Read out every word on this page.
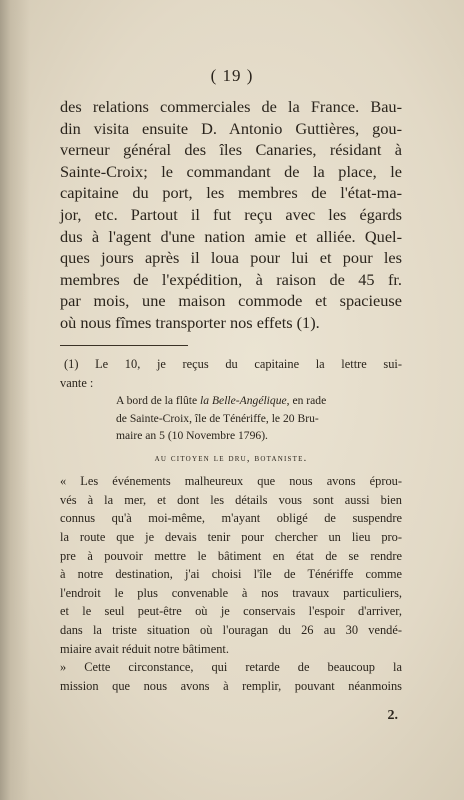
( 19 )
des relations commerciales de la France. Bau-
din visita ensuite D. Antonio Guttières, gou-
verneur général des îles Canaries, résidant à
Sainte-Croix; le commandant de la place, le
capitaine du port, les membres de l'état-ma-
jor, etc. Partout il fut reçu avec les égards
dus à l'agent d'une nation amie et alliée. Quel-
ques jours après il loua pour lui et pour les
membres de l'expédition, à raison de 45 fr.
par mois, une maison commode et spacieuse
où nous fîmes transporter nos effets (1).
(1) Le 10, je reçus du capitaine la lettre sui-
vante :
A bord de la flûte la Belle-Angélique, en rade
de Sainte-Croix, île de Ténériffe, le 20 Bru-
maire an 5 (10 Novembre 1796).
au citoyen le dru, botaniste.
« Les événements malheureux que nous avons éprou-
vés à la mer, et dont les détails vous sont aussi bien
connus qu'à moi-même, m'ayant obligé de suspendre
la route que je devais tenir pour chercher un lieu pro-
pre à pouvoir mettre le bâtiment en état de se rendre
à notre destination, j'ai choisi l'île de Ténériffe comme
l'endroit le plus convenable à nos travaux particuliers,
et le seul peut-être où je conservais l'espoir d'arriver,
dans la triste situation où l'ouragan du 26 au 30 vendé-
miaire avait réduit notre bâtiment.
» Cette circonstance, qui retarde de beaucoup la
mission que nous avons à remplir, pouvant néanmoins
2.
